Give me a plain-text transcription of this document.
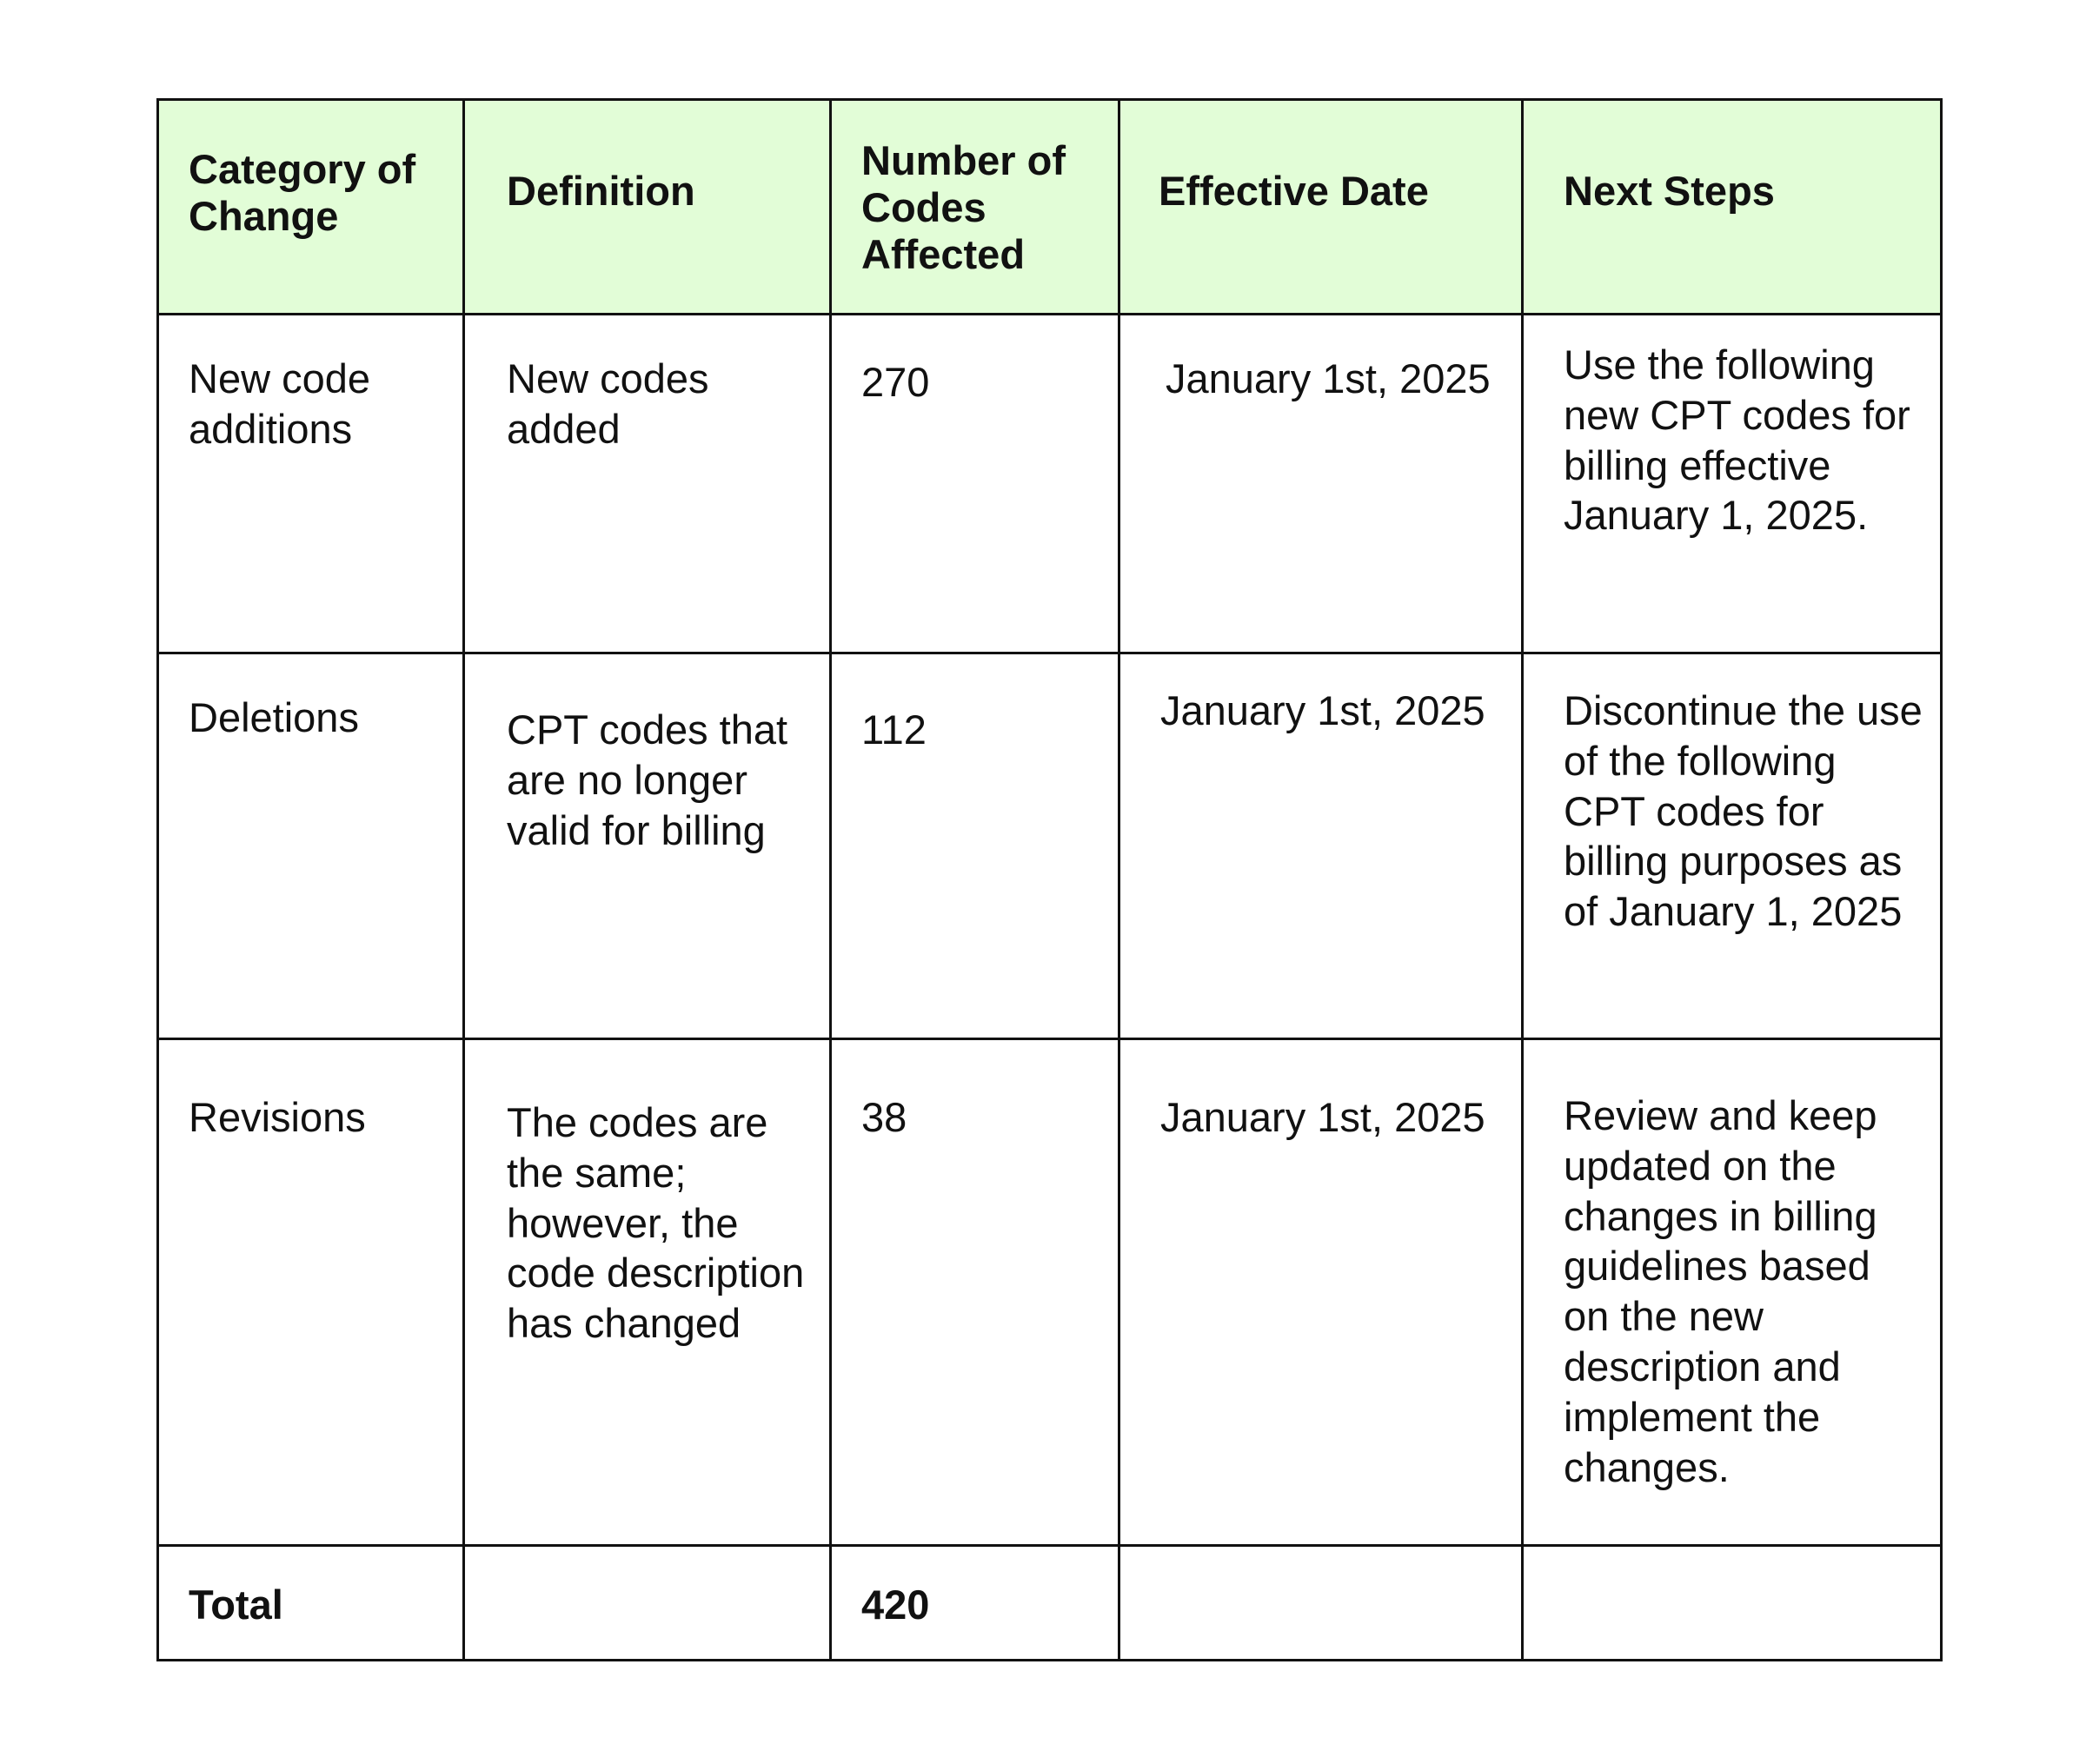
Category of Change	Definition	Number of Codes Affected	Effective Date	Next Steps

New code additions	New codes added	270	January 1st, 2025	Use the following new CPT codes for billing effective January 1, 2025.

Deletions	CPT codes that are no longer valid for billing	112	January 1st, 2025	Discontinue the use of the following CPT codes for billing purposes as of January 1, 2025

Revisions	The codes are the same; however, the code description has changed	38	January 1st, 2025	Review and keep updated on the changes in billing guidelines based on the new description and implement the changes.

Total		420		
